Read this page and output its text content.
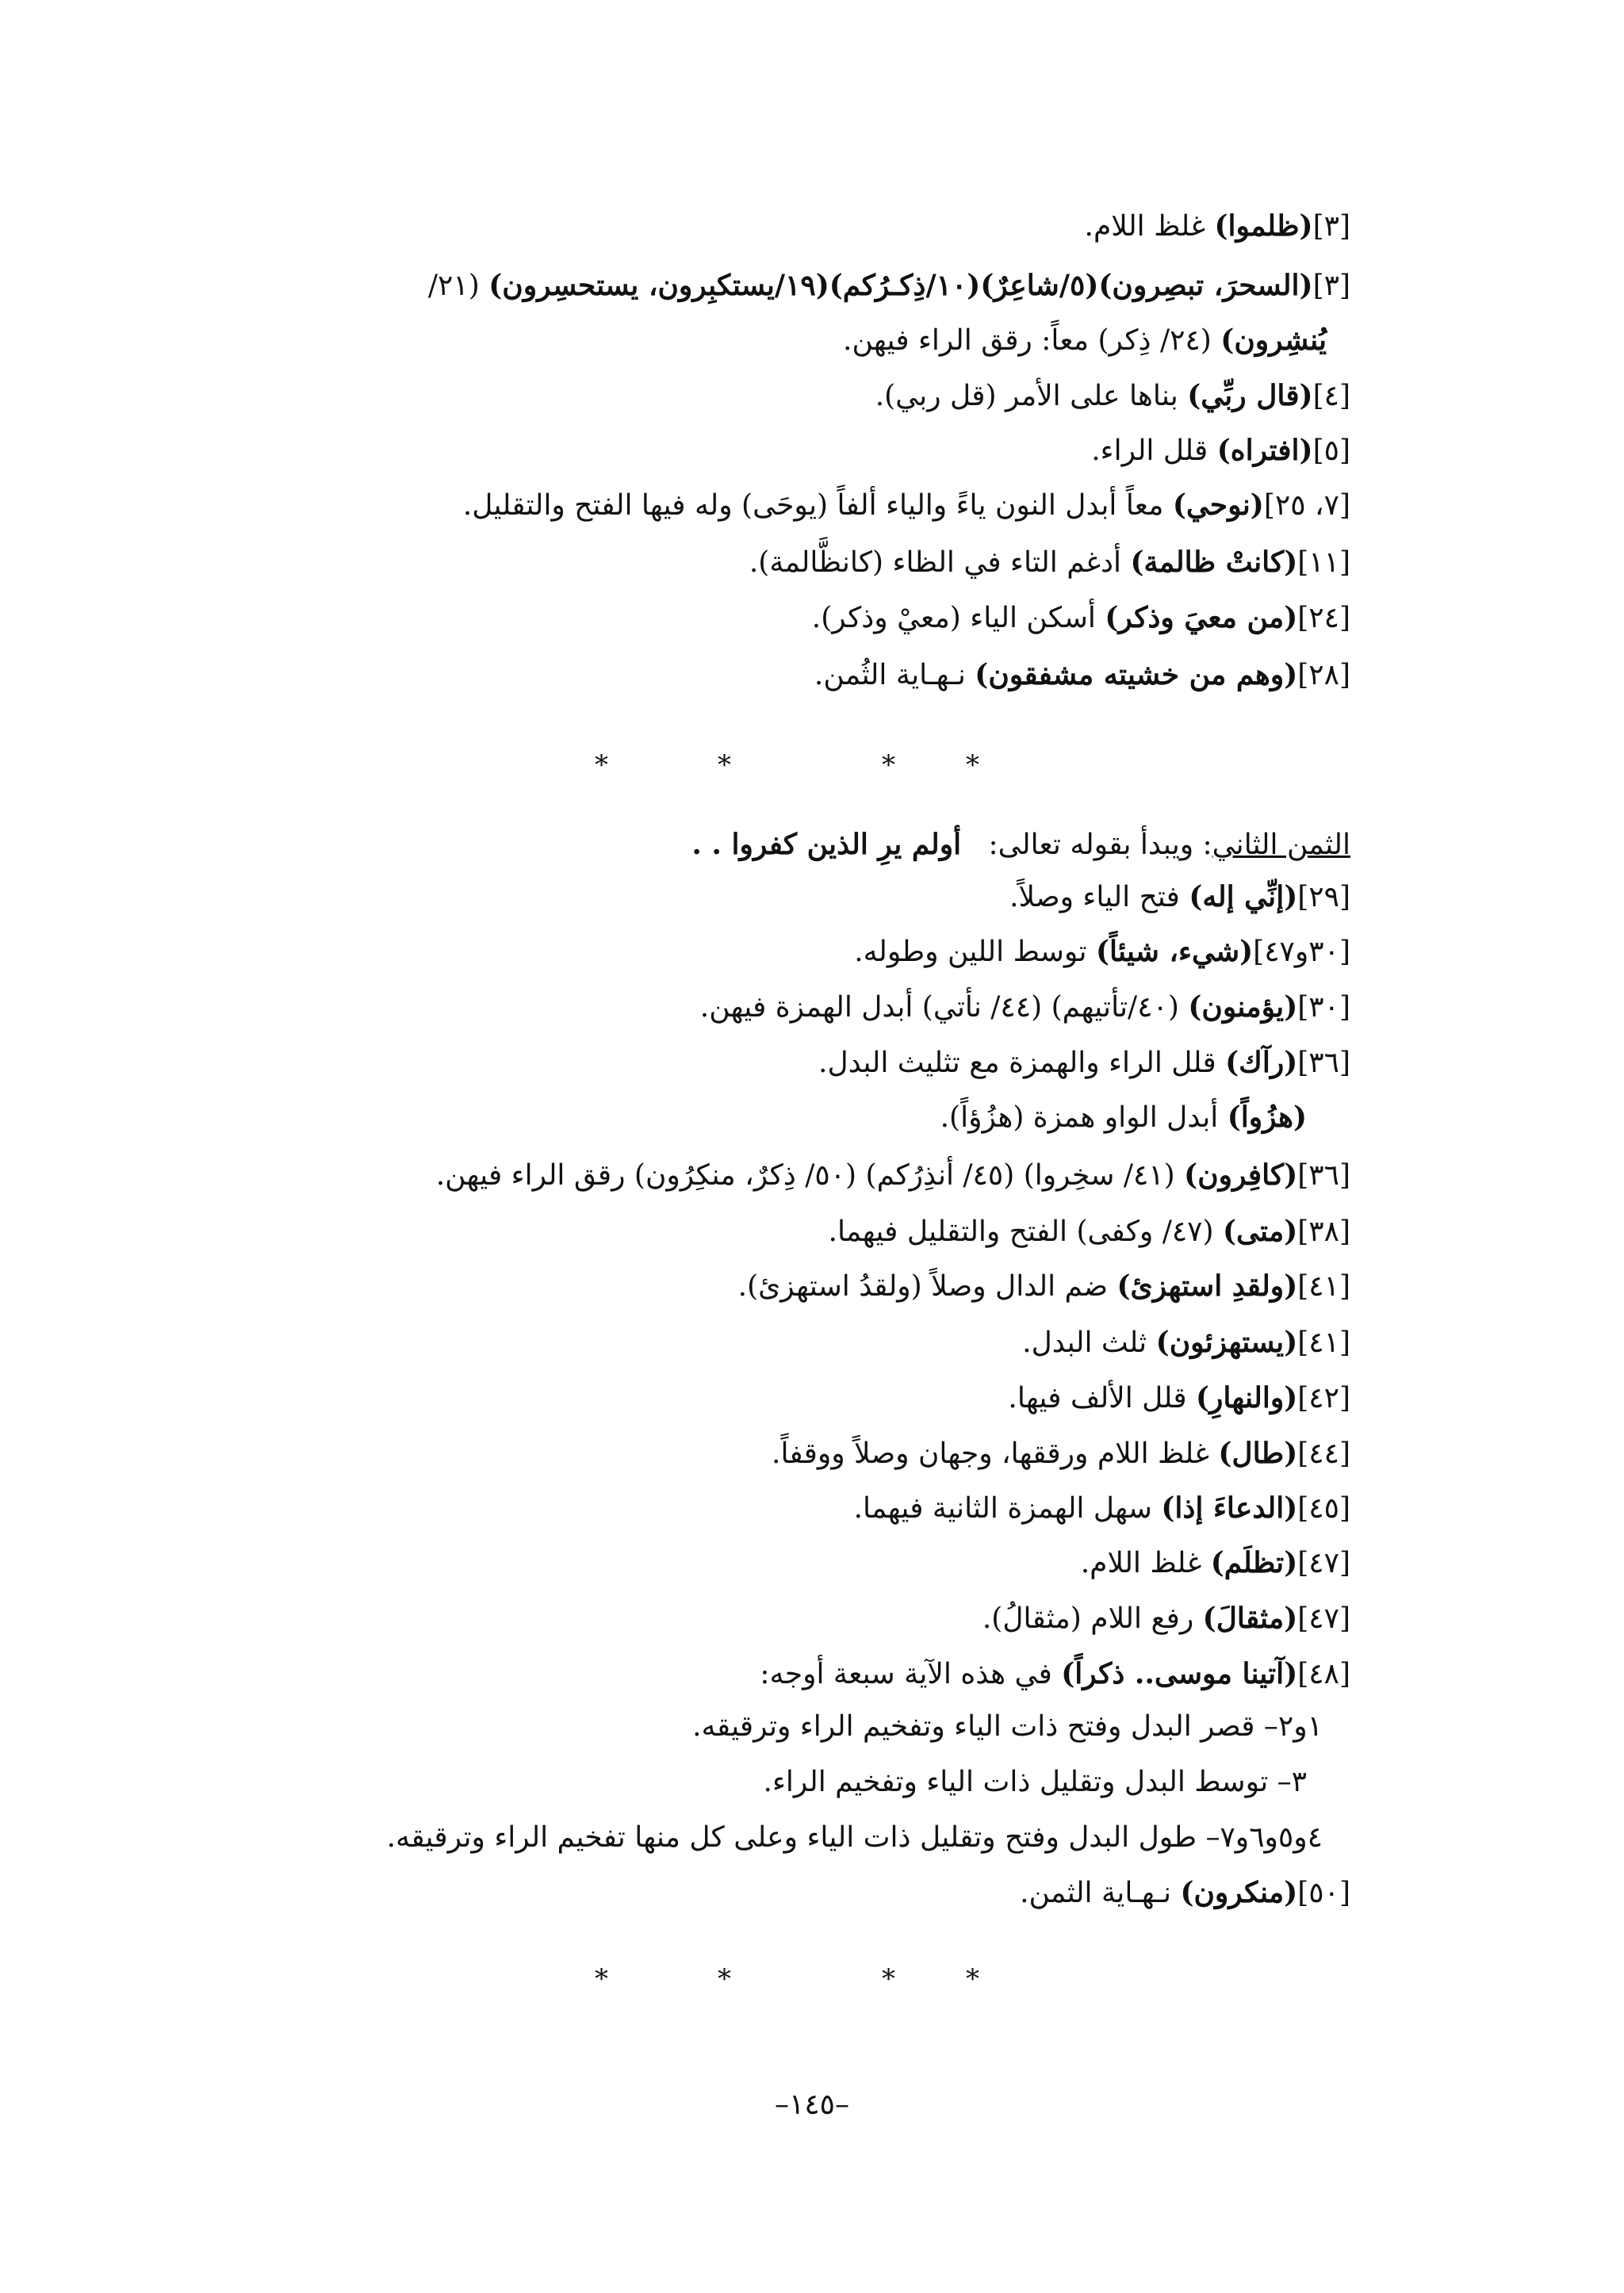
[٣](ظلموا) غلظ اللام.
[٣](السحرَ، تبصِرون)(٥/شاعِرٌ)(١٠/ذِكـرُكم)(١٩/يستكبِرون، يستحسِرون) (٢١/
يُنشِرون) (٢٤/ ذِكر) معاً: رقق الراء فيهن.
[٤](قال ربِّي) بناها على الأمر (قل ربي).
[٥](افتراه) قلل الراء.
[٧، ٢٥](نوحي) معاً أبدل النون ياءً والياء ألفاً (يوحَى) وله فيها الفتح والتقليل.
[١١](كانتْ ظالمة) أدغم التاء في الظاء (كانظَّالمة).
[٢٤](من معيَ وذكر) أسكن الياء (معيْ وذكر).
[٢٨](وهم من خشيته مشفقون) نـهـاية الثُمن.
*	*	*	*
الثمن الثاني: ويبدأ بقوله تعالى:   أولم يرِ الذين كفروا . .
[٢٩](إنِّي إله) فتح الياء وصلاً.
[٣٠و٤٧](شيء، شيئاً) توسط اللين وطوله.
[٣٠](يؤمنون) (٤٠/تأتيهم) (٤٤/ نأتي) أبدل الهمزة فيهن.
[٣٦](رآك) قلل الراء والهمزة مع تثليث البدل.
(هزُواً) أبدل الواو همزة (هزُؤاً).
[٣٦](كافِرون) (٤١/ سخِروا) (٤٥/ أنذِرُكم) (٥٠/ ذِكرٌ، منكِرُون) رقق الراء فيهن.
[٣٨](متى) (٤٧/ وكفى) الفتح والتقليل فيهما.
[٤١](ولقدِ استهزئ) ضم الدال وصلاً (ولقدُ استهزئ).
[٤١](يستهزئون) ثلث البدل.
[٤٢](والنهارِ) قلل الألف فيها.
[٤٤](طال) غلظ اللام ورققها، وجهان وصلاً ووقفاً.
[٤٥](الدعاءَ إذا) سهل الهمزة الثانية فيهما.
[٤٧](تظلَم) غلظ اللام.
[٤٧](مثقالَ) رفع اللام (مثقالُ).
[٤٨](آتينا موسى.. ذكراً) في هذه الآية سبعة أوجه:
١و٢– قصر البدل وفتح ذات الياء وتفخيم الراء وترقيقه.
٣– توسط البدل وتقليل ذات الياء وتفخيم الراء.
٤و٥و٦و٧– طول البدل وفتح وتقليل ذات الياء وعلى كل منها تفخيم الراء وترقيقه.
[٥٠](منكرون) نـهـاية الثمن.
*	*	*	*
–١٤٥–
